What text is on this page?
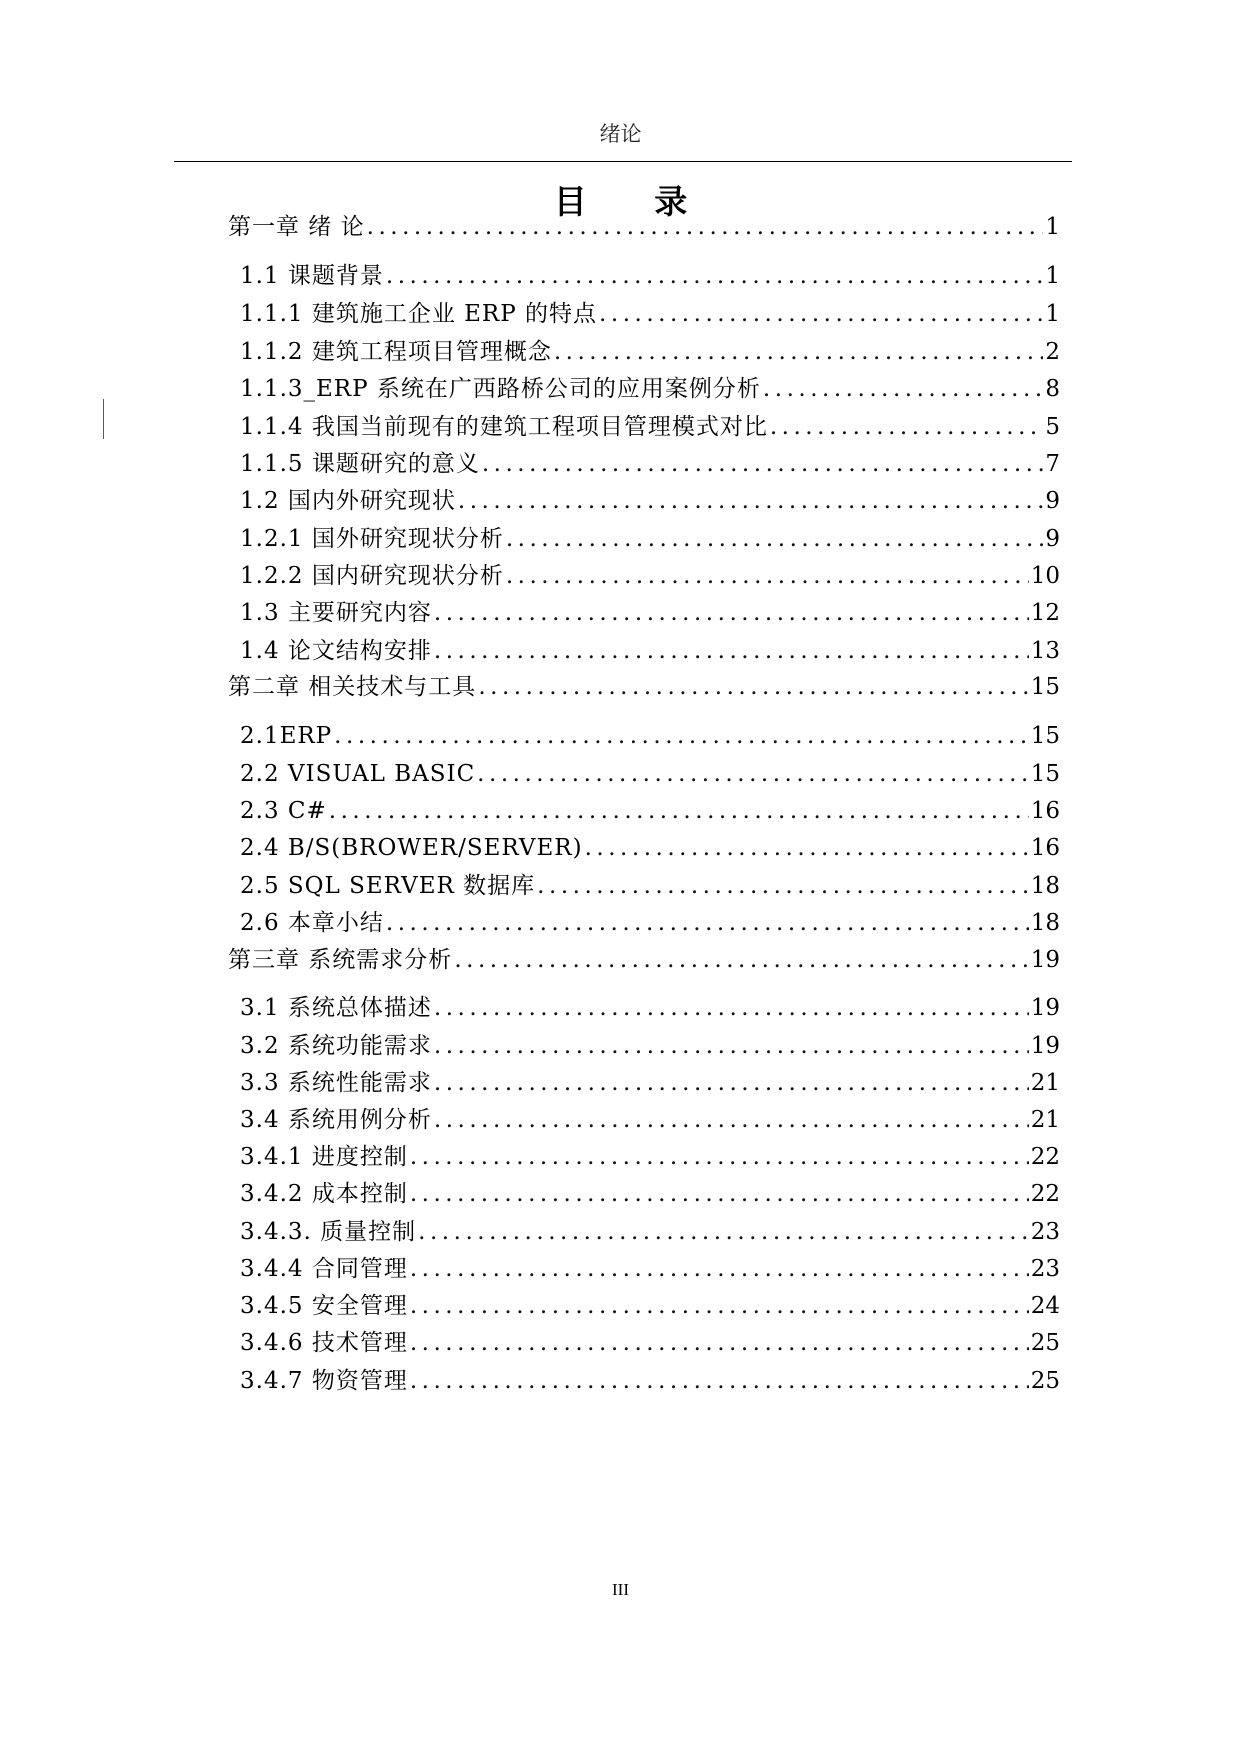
绪论
目 录
第一章 绪 论 . . .	1
1.1 课题背景 . . .	1
1.1.1 建筑施工企业 ERP 的特点 . . .	1
1.1.2 建筑工程项目管理概念 . . .	2
1.1.3_ERP 系统在广西路桥公司的应用案例分析 . . .	8
1.1.4 我国当前现有的建筑工程项目管理模式对比 . . .	5
1.1.5 课题研究的意义 . . .	7
1.2 国内外研究现状 . . .	9
1.2.1 国外研究现状分析 . . .	9
1.2.2 国内研究现状分析 . . .	10
1.3 主要研究内容 . . .	12
1.4 论文结构安排 . . .	13
第二章 相关技术与工具 . . .	15
2.1ERP . . .	15
2.2 VISUAL BASIC . . .	15
2.3 C# . . .	16
2.4 B/S(BROWER/SERVER) . . .	16
2.5 SQL SERVER 数据库 . . .	18
2.6 本章小结 . . .	18
第三章 系统需求分析 . . .	19
3.1 系统总体描述 . . .	19
3.2 系统功能需求 . . .	19
3.3 系统性能需求 . . .	21
3.4 系统用例分析 . . .	21
3.4.1 进度控制 . . .	22
3.4.2 成本控制 . . .	22
3.4.3. 质量控制 . . .	23
3.4.4 合同管理 . . .	23
3.4.5 安全管理 . . .	24
3.4.6 技术管理 . . .	25
3.4.7 物资管理 . . .	25
III
